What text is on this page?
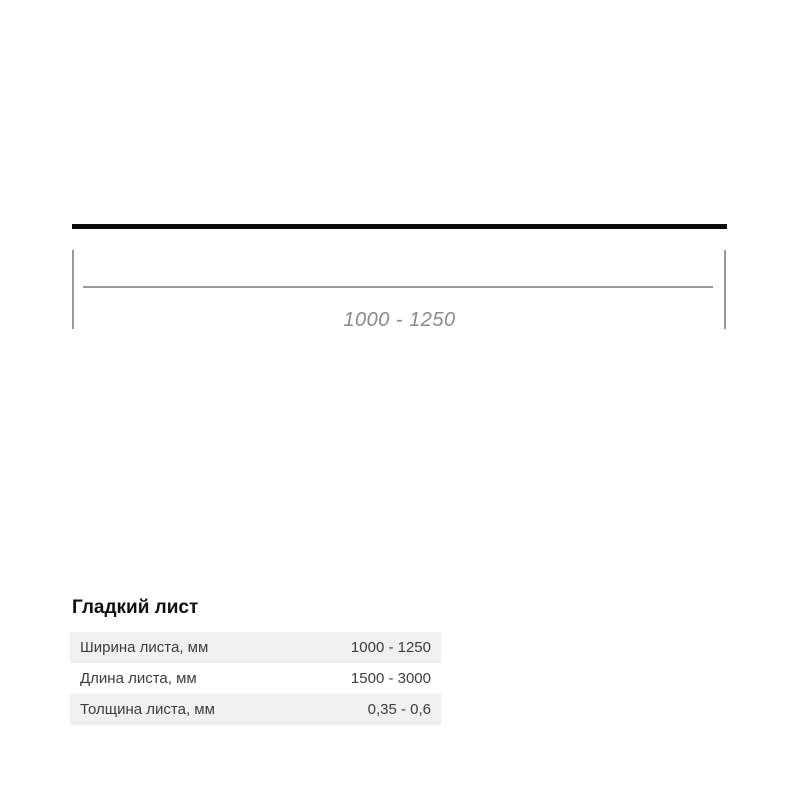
1000 - 1250
Гладкий лист
Ширина листа, мм	1000 - 1250
Длина листа, мм	1500 - 3000
Толщина листа, мм	0,35 - 0,6
